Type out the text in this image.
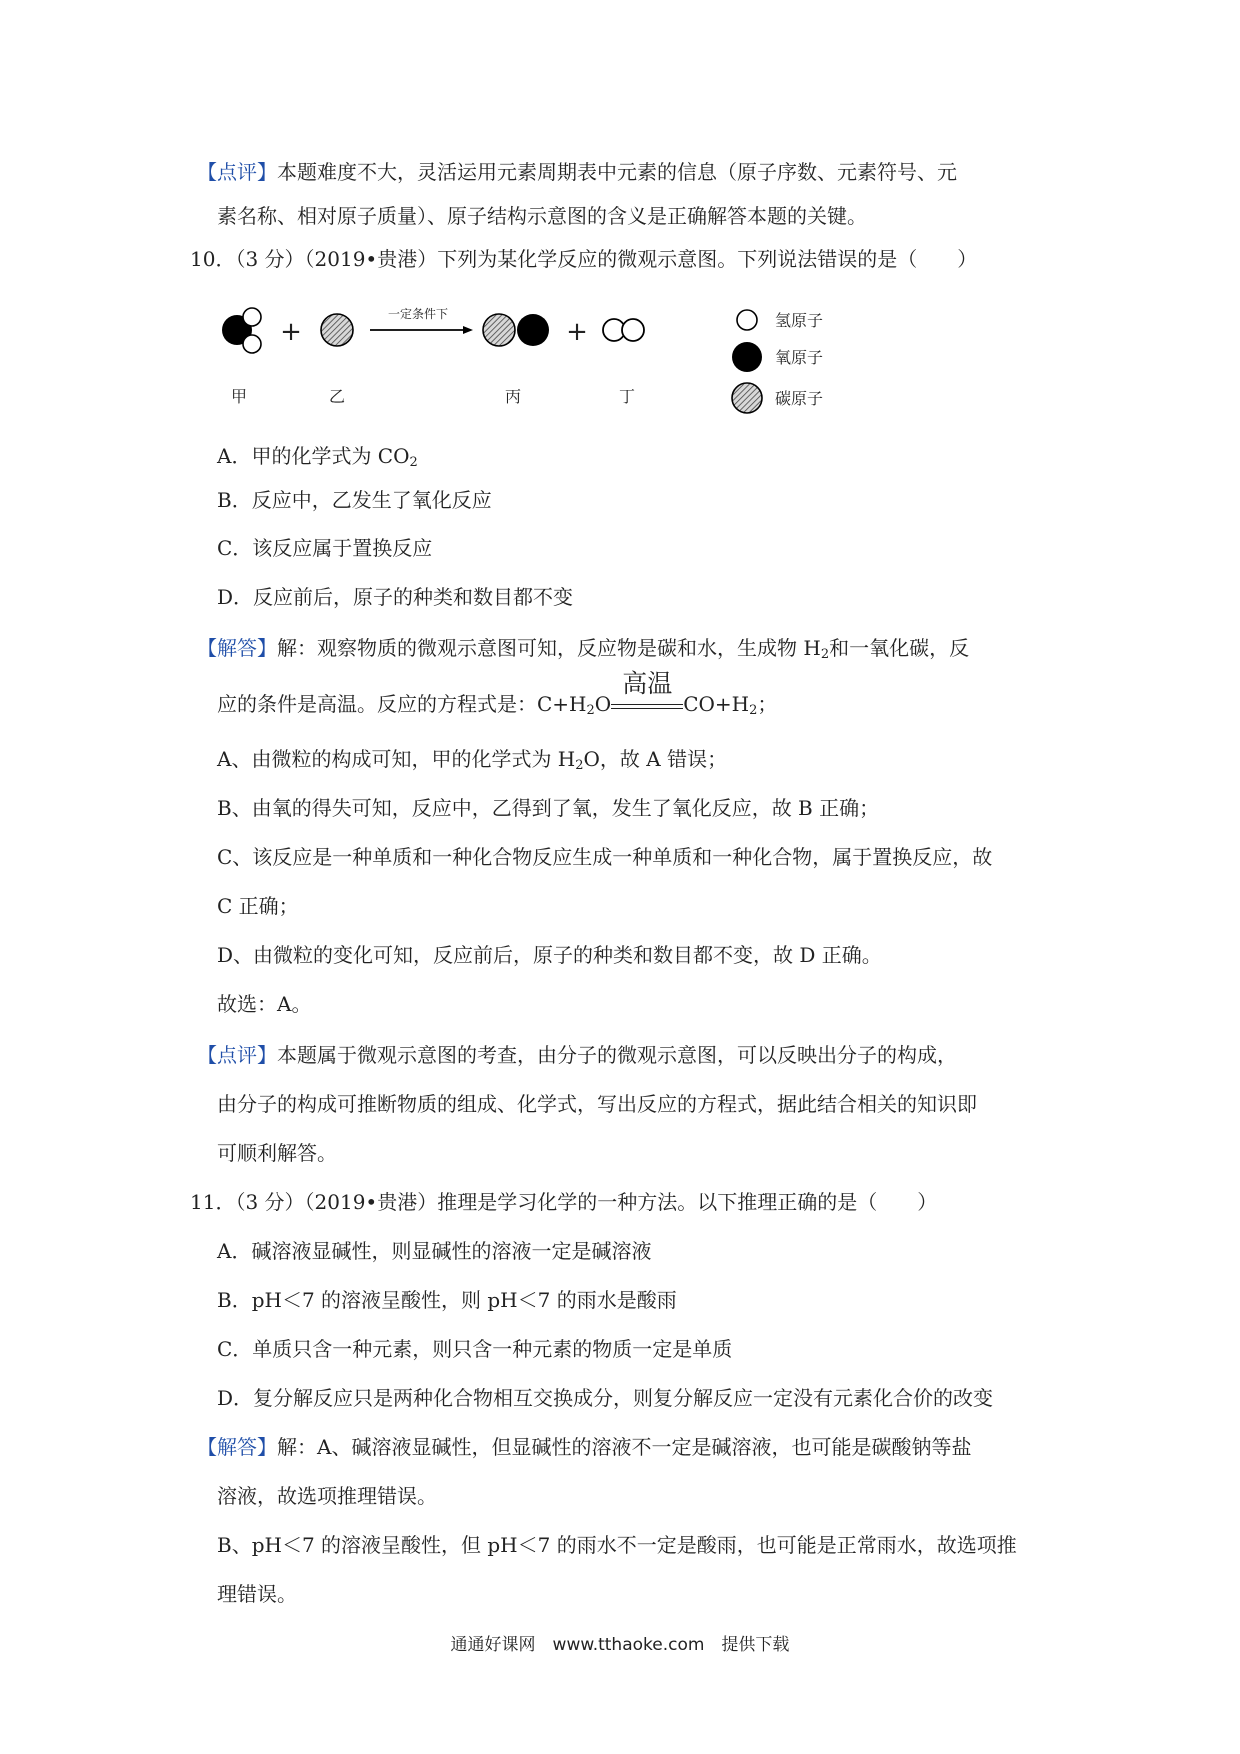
【点评】本题难度不大，灵活运用元素周期表中元素的信息（原子序数、元素符号、元
素名称、相对原子质量）、原子结构示意图的含义是正确解答本题的关键。
10．（3 分）（2019•贵港）下列为某化学反应的微观示意图。下列说法错误的是（　　）
+
一定条件下
+
甲	乙	丙	丁
氢原子
氧原子
碳原子
A．甲的化学式为 $CO_2$
B．反应中，乙发生了氧化反应
C．该反应属于置换反应
D．反应前后，原子的种类和数目都不变
【解答】解：观察物质的微观示意图可知，反应物是碳和水，生成物 $H_2$和一氧化碳，反
应的条件是高温。反应的方程式是：$C+H_2O$
高温
$CO+H_2$；
A、由微粒的构成可知，甲的化学式为 $H_2O$，故 A 错误；
B、由氧的得失可知，反应中，乙得到了氧，发生了氧化反应，故 B 正确；
C、该反应是一种单质和一种化合物反应生成一种单质和一种化合物，属于置换反应，故
C 正确；
D、由微粒的变化可知，反应前后，原子的种类和数目都不变，故 D 正确。
故选：A。
【点评】本题属于微观示意图的考查，由分子的微观示意图，可以反映出分子的构成，
由分子的构成可推断物质的组成、化学式，写出反应的方程式，据此结合相关的知识即
可顺利解答。
11．（3 分）（2019•贵港）推理是学习化学的一种方法。以下推理正确的是（　　）
A．碱溶液显碱性，则显碱性的溶液一定是碱溶液
B．pH＜7 的溶液呈酸性，则 pH＜7 的雨水是酸雨
C．单质只含一种元素，则只含一种元素的物质一定是单质
D．复分解反应只是两种化合物相互交换成分，则复分解反应一定没有元素化合价的改变
【解答】解：A、碱溶液显碱性，但显碱性的溶液不一定是碱溶液，也可能是碳酸钠等盐
溶液，故选项推理错误。
B、pH＜7 的溶液呈酸性，但 pH＜7 的雨水不一定是酸雨，也可能是正常雨水，故选项推
理错误。
通通好课网　www.tthaoke.com　提供下载
